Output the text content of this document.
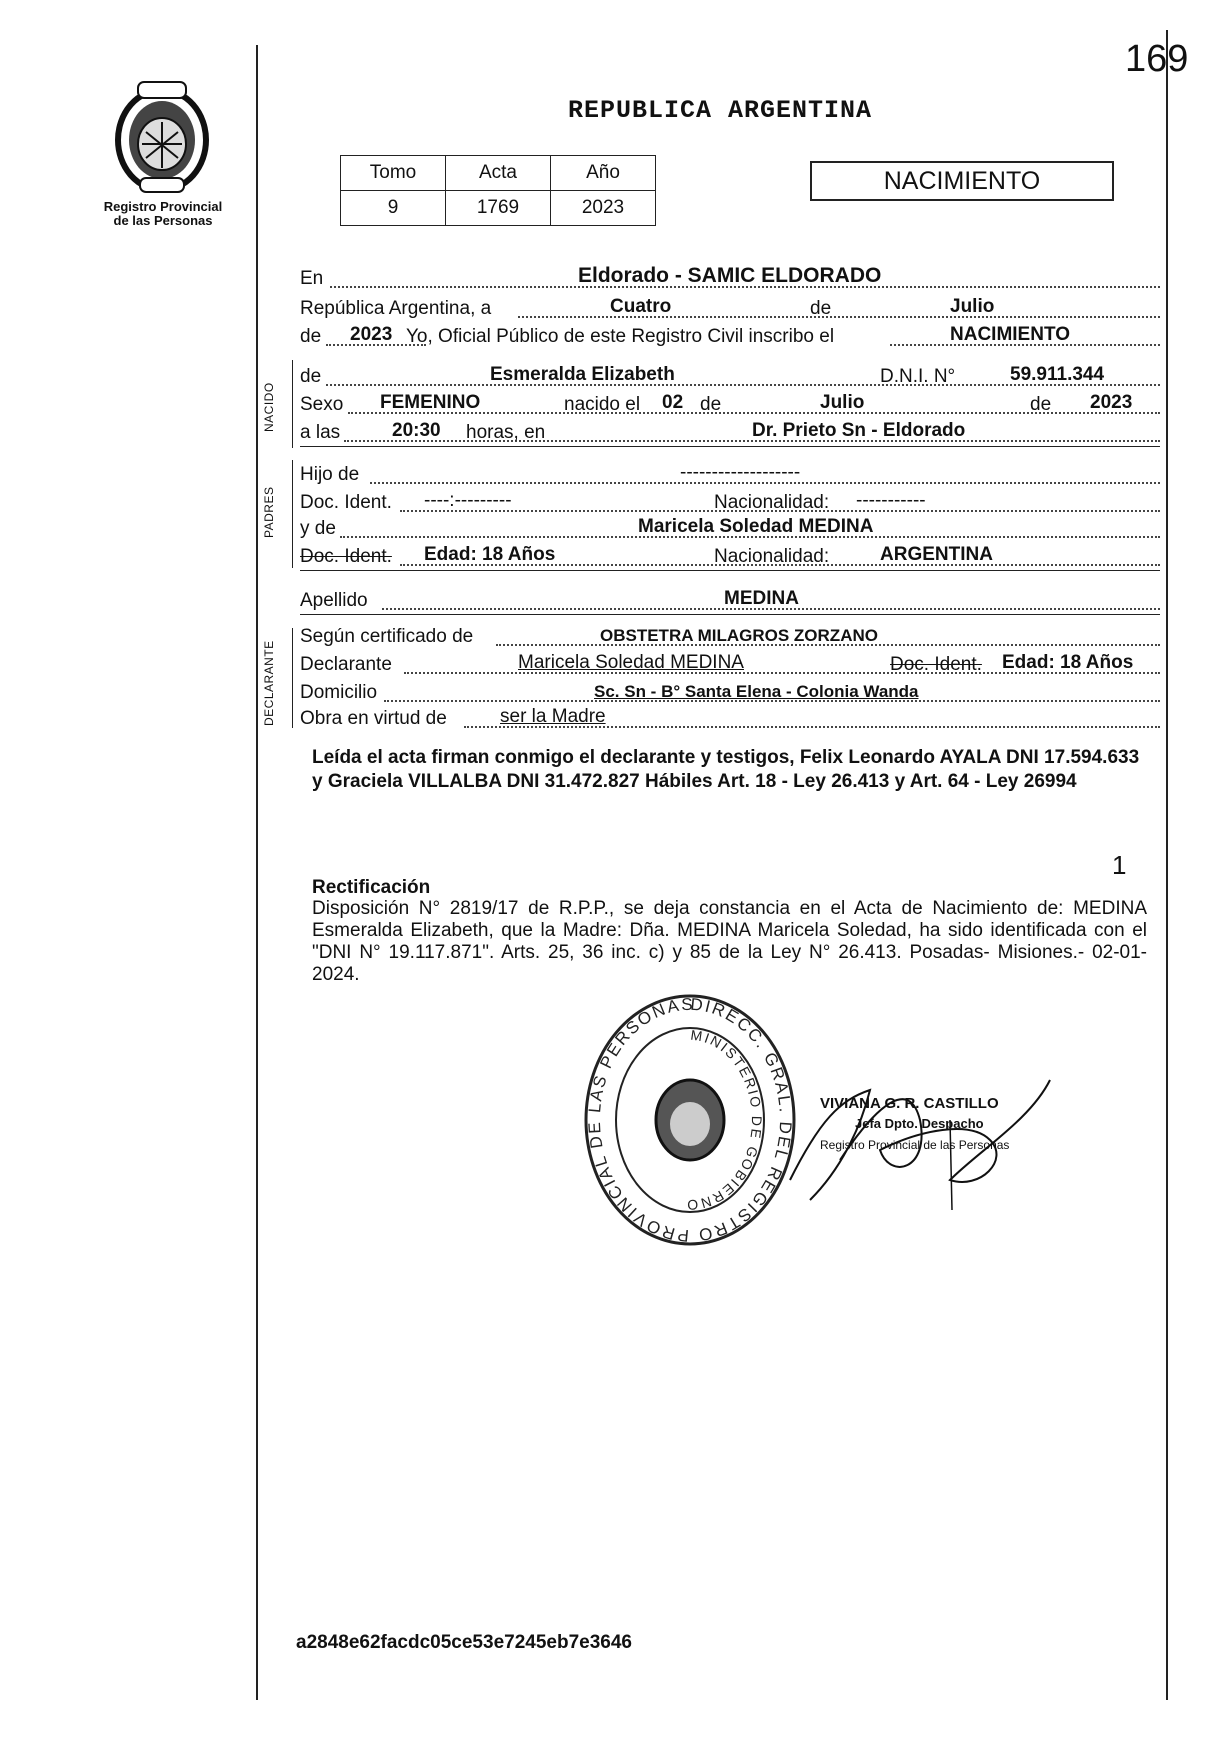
169
Registro Provincial
de las Personas
REPUBLICA ARGENTINA
Tomo	Acta	Año
9	1769	2023
NACIMIENTO
En	Eldorado - SAMIC ELDORADO
República Argentina, a	Cuatro	de	Julio
de 2023 Yo, Oficial Público de este Registro Civil inscribo el	NACIMIENTO
NACIDO
de	Esmeralda Elizabeth	D.N.I. N°	59.911.344
Sexo FEMENINO	nacido el 02 de	Julio	de 2023
a las	20:30 horas, en	Dr. Prieto Sn - Eldorado
PADRES
Hijo de	-------------------
Doc. Ident. ----:---------	Nacionalidad: -----------
y de	Maricela Soledad MEDINA
Doc. Ident. Edad: 18 Años	Nacionalidad:	ARGENTINA
Apellido	MEDINA
DECLARANTE
Según certificado de	OBSTETRA MILAGROS ZORZANO
Declarante	Maricela Soledad MEDINA	Doc. Ident. Edad: 18 Años
Domicilio	Sc. Sn - B° Santa Elena - Colonia Wanda
Obra en virtud de	ser la Madre
Leída el acta firman conmigo el declarante y testigos, Felix Leonardo AYALA DNI 17.594.633 y Graciela VILLALBA DNI 31.472.827 Hábiles Art. 18 - Ley 26.413 y Art. 64 - Ley 26994
1
Rectificación
Disposición N° 2819/17 de R.P.P., se deja constancia en el Acta de Nacimiento de: MEDINA Esmeralda Elizabeth, que la Madre: Dña. MEDINA Maricela Soledad, ha sido identificada con el "DNI N° 19.117.871". Arts. 25, 36 inc. c) y 85 de la Ley N° 26.413. Posadas- Misiones.- 02-01-2024.
DIRECC. GRAL. DEL REGISTRO PROVINCIAL DE LAS PERSONAS
MINISTERIO DE GOBIERNO
VIVIANA G. R. CASTILLO
Jefa Dpto. Despacho
Registro Provincial de las Personas
a2848e62facdc05ce53e7245eb7e3646
